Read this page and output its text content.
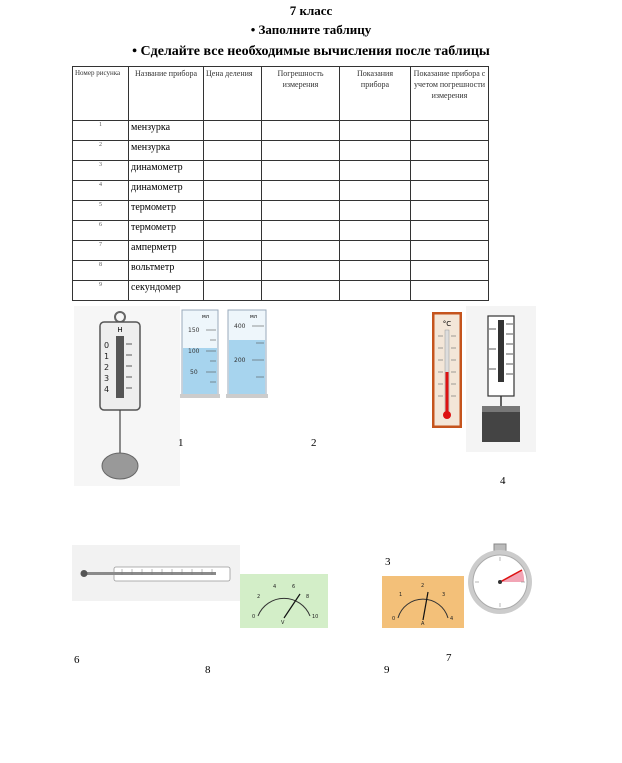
7 класс
• Заполните таблицу
• Сделайте все необходимые вычисления после таблицы
Номер рисунка	Название прибора	Цена деления	Погрешность измерения	Показания прибора	Показание прибора с учетом погрешности измерения
1	мензурка				
2	мензурка				
3	динамометр				
4	динамометр				
5	термометр				
6	термометр				
7	амперметр				
8	вольтметр				
9	секундомер				
H
0
1
2
3
4
мл
150
100
50
мл
400
200
°C
0
2
4	6
8
10
V
0
1
2
3
4
A
1	2
4
3
6
8	9
7
